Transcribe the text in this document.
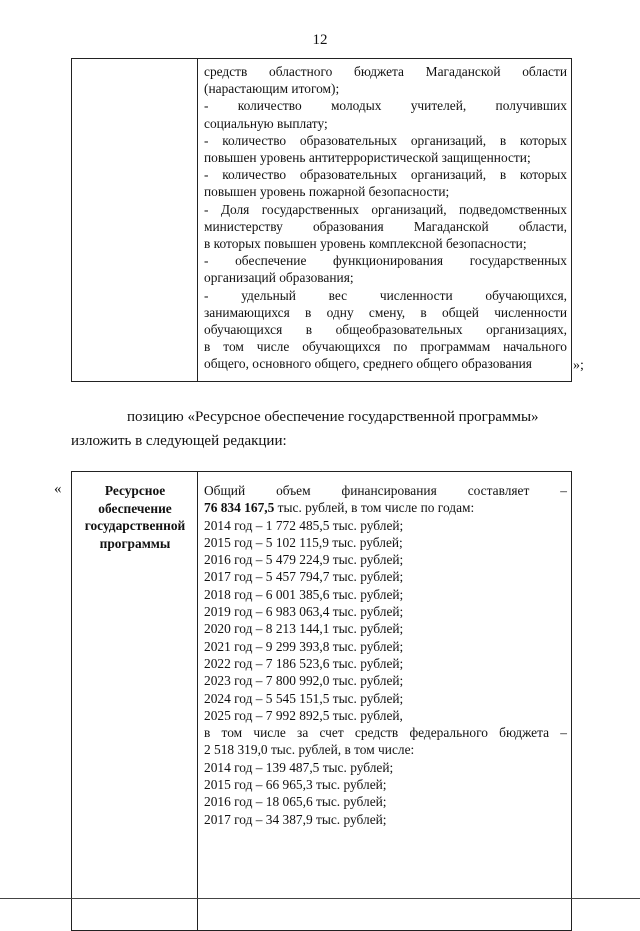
12
средств областного бюджета Магаданской области
(нарастающим итогом);
- количество молодых учителей, получивших
социальную выплату;
- количество образовательных организаций, в которых
повышен уровень антитеррористической защищенности;
- количество образовательных организаций, в которых
повышен уровень пожарной безопасности;
- Доля государственных организаций, подведомственных
министерству образования Магаданской области,
в которых повышен уровень комплексной безопасности;
- обеспечение функционирования государственных
организаций образования;
- удельный вес численности обучающихся,
занимающихся в одну смену, в общей численности
обучающихся в общеобразовательных организациях,
в том числе обучающихся по программам начального
общего, основного общего, среднего общего образования	»;
позицию «Ресурсное обеспечение государственной программы»
изложить в следующей редакции:
«	Ресурсное
обеспечение
государственной
программы
Общий объем финансирования составляет –
76 834 167,5 тыс. рублей, в том числе по годам:
2014 год – 1 772 485,5 тыс. рублей;
2015 год – 5 102 115,9 тыс. рублей;
2016 год – 5 479 224,9 тыс. рублей;
2017 год – 5 457 794,7 тыс. рублей;
2018 год – 6 001 385,6 тыс. рублей;
2019 год – 6 983 063,4 тыс. рублей;
2020 год – 8 213 144,1 тыс. рублей;
2021 год – 9 299 393,8 тыс. рублей;
2022 год – 7 186 523,6 тыс. рублей;
2023 год – 7 800 992,0 тыс. рублей;
2024 год – 5 545 151,5 тыс. рублей;
2025 год – 7 992 892,5 тыс. рублей,
в том числе за счет средств федерального бюджета –
2 518 319,0 тыс. рублей, в том числе:
2014 год – 139 487,5 тыс. рублей;
2015 год – 66 965,3 тыс. рублей;
2016 год – 18 065,6 тыс. рублей;
2017 год – 34 387,9 тыс. рублей;
